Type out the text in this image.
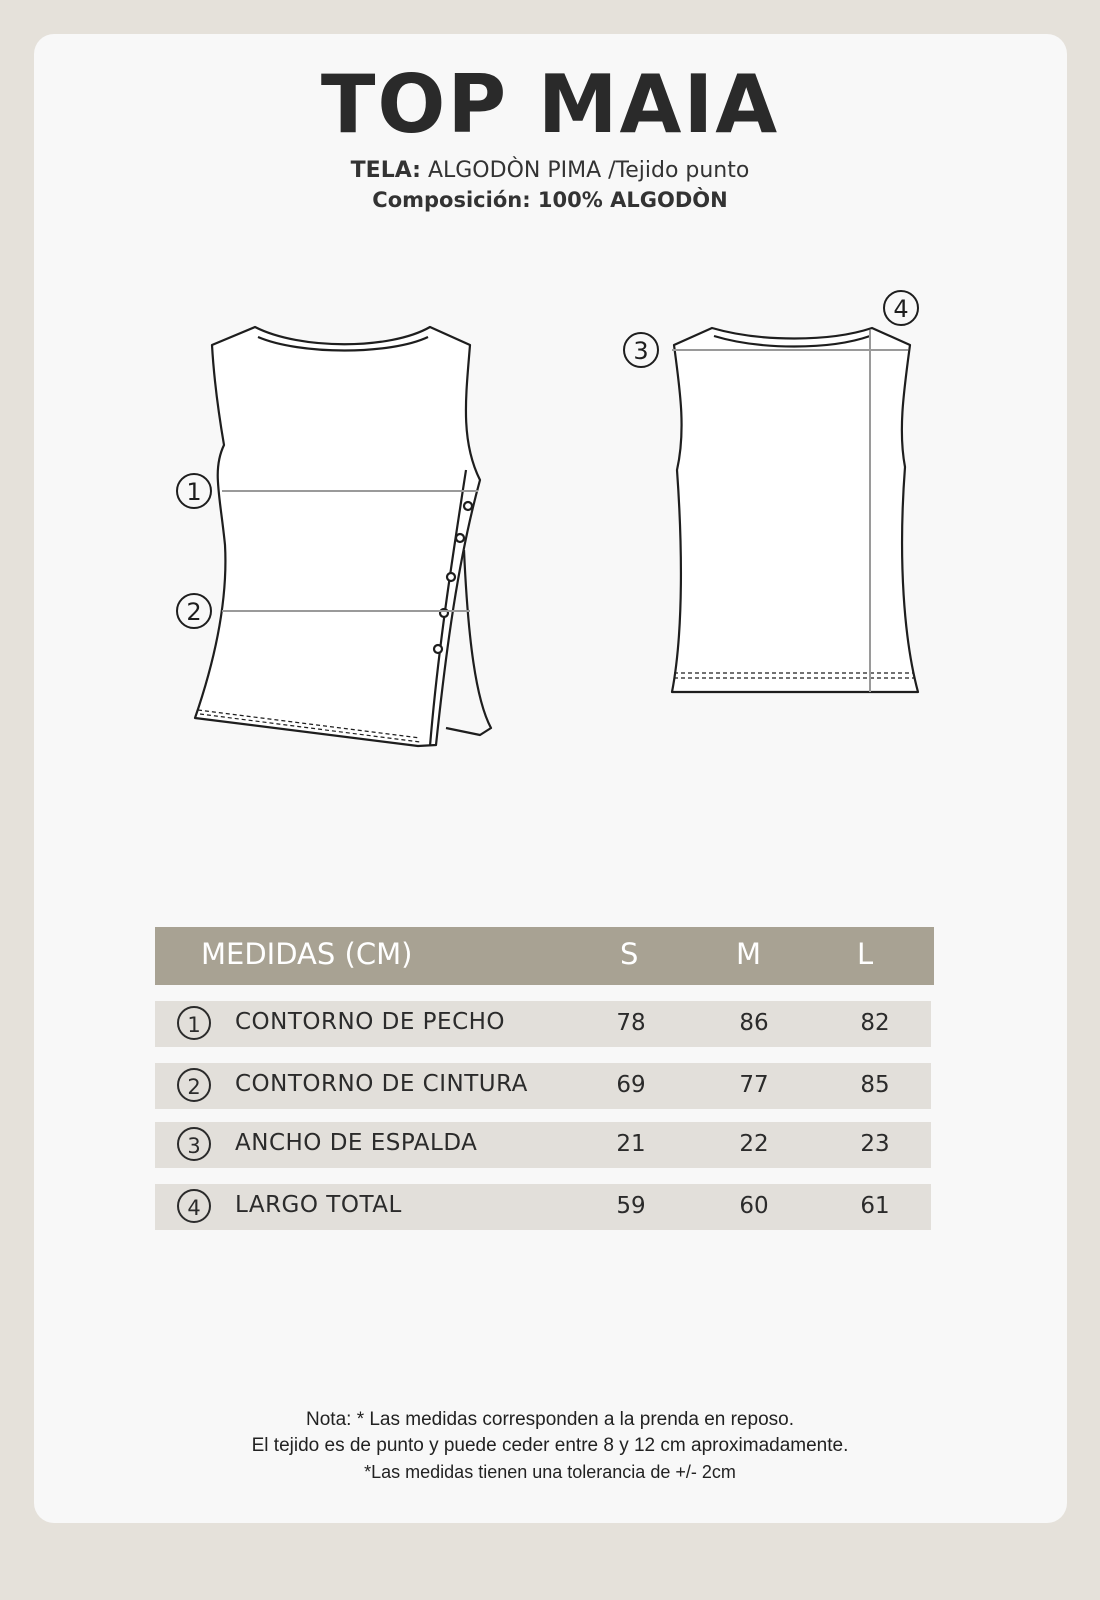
TOP MAIA
TELA: ALGODÒN PIMA /Tejido punto
Composición: 100% ALGODÒN
1
2
3
4
MEDIDAS (CM)	S	M	L
1	CONTORNO DE PECHO	78	86	82
2	CONTORNO DE CINTURA	69	77	85
3	ANCHO DE ESPALDA	21	22	23
4	LARGO TOTAL	59	60	61
Nota: * Las medidas corresponden a la prenda en reposo.
El tejido es de punto y puede ceder entre 8 y 12 cm aproximadamente.
*Las medidas tienen una tolerancia de +/- 2cm
